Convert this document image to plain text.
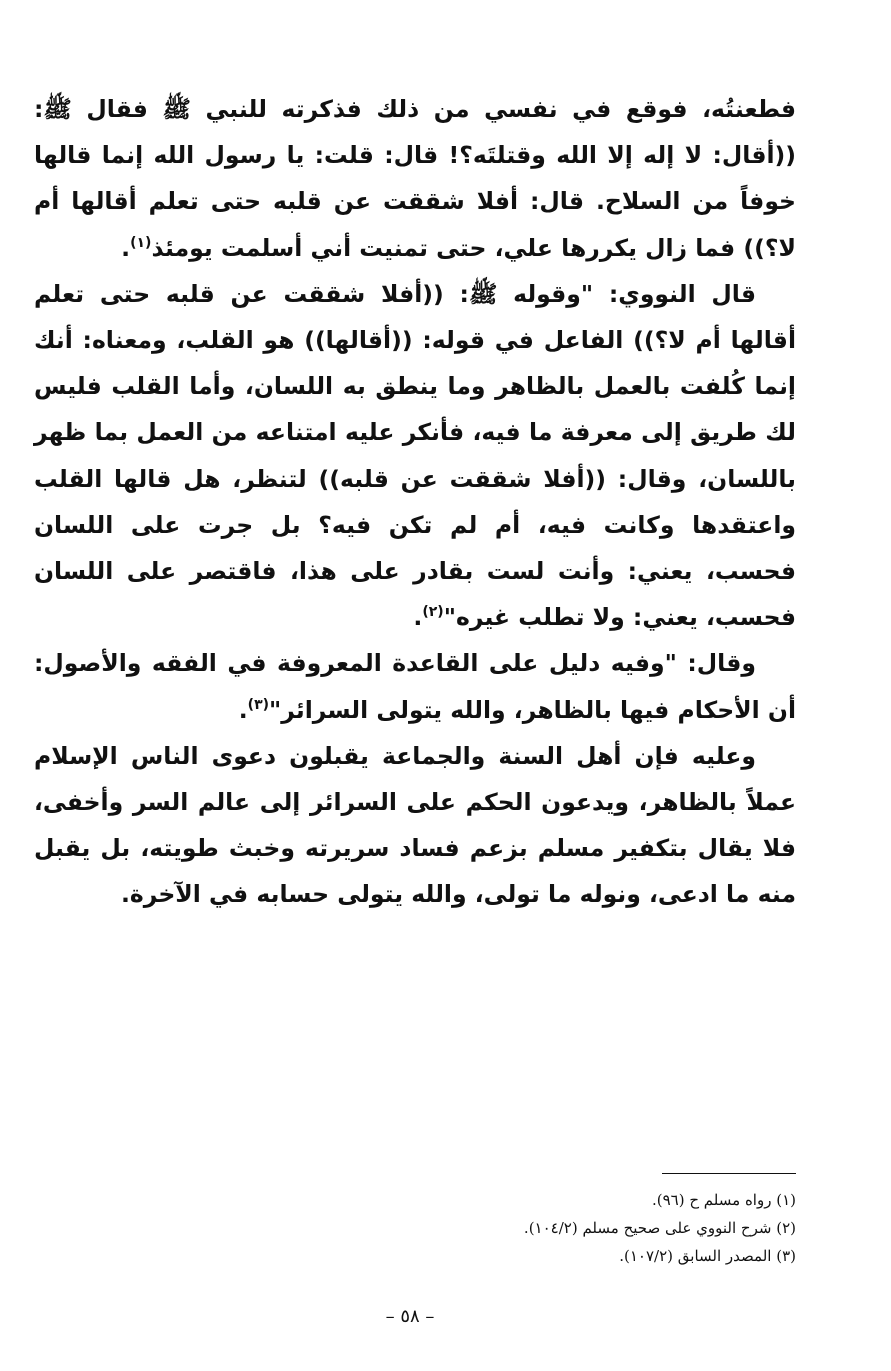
فطعنتُه، فوقع في نفسي من ذلك فذكرته للنبي ﷺ فقال ﷺ: ((أقال: لا إله إلا الله وقتلتَه؟! قال: قلت: يا رسول الله إنما قالها خوفاً من السلاح. قال: أفلا شققت عن قلبه حتى تعلم أقالها أم لا؟)) فما زال يكررها علي، حتى تمنيت أني أسلمت يومئذ$^{(١)}$.

قال النووي: "وقوله ﷺ: ((أفلا شققت عن قلبه حتى تعلم أقالها أم لا؟)) الفاعل في قوله: ((أقالها)) هو القلب، ومعناه: أنك إنما كُلفت بالعمل بالظاهر وما ينطق به اللسان، وأما القلب فليس لك طريق إلى معرفة ما فيه، فأنكر عليه امتناعه من العمل بما ظهر باللسان، وقال: ((أفلا شققت عن قلبه)) لتنظر، هل قالها القلب واعتقدها وكانت فيه، أم لم تكن فيه؟ بل جرت على اللسان فحسب، يعني: وأنت لست بقادر على هذا، فاقتصر على اللسان فحسب، يعني: ولا تطلب غيره"$^{(٢)}$.

وقال: "وفيه دليل على القاعدة المعروفة في الفقه والأصول: أن الأحكام فيها بالظاهر، والله يتولى السرائر"$^{(٣)}$.

وعليه فإن أهل السنة والجماعة يقبلون دعوى الناس الإسلام عملاً بالظاهر، ويدعون الحكم على السرائر إلى عالم السر وأخفى، فلا يقال بتكفير مسلم بزعم فساد سريرته وخبث طويته، بل يقبل منه ما ادعى، ونوله ما تولى، والله يتولى حسابه في الآخرة.

(١) رواه مسلم ح (٩٦).
(٢) شرح النووي على صحيح مسلم (١٠٤/٢).
(٣) المصدر السابق (١٠٧/٢).
– ٥٨ –
